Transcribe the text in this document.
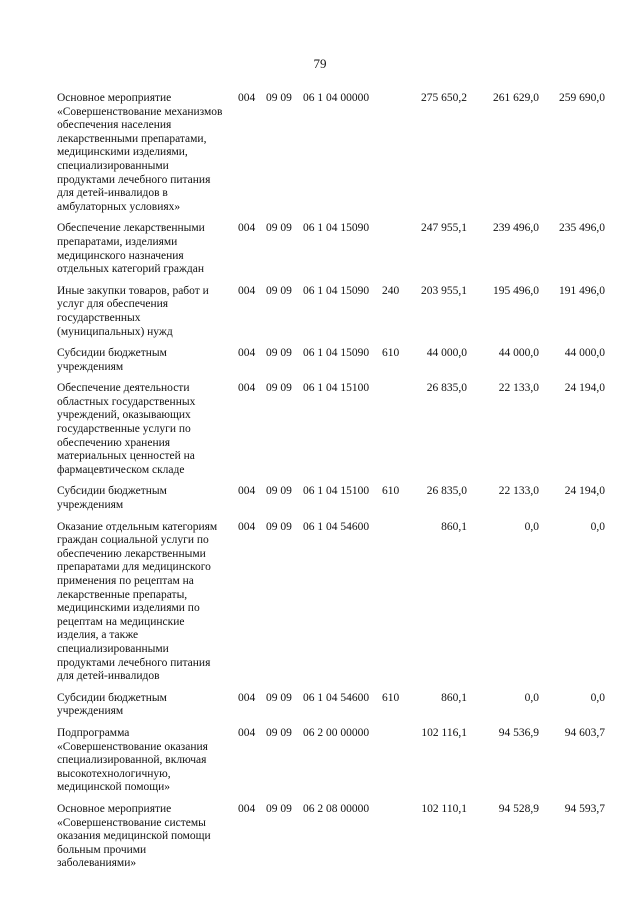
79
Основное мероприятие
«Совершенствование механизмов
обеспечения населения
лекарственными препаратами,
медицинскими изделиями,
специализированными
продуктами лечебного питания
для детей-инвалидов в
амбулаторных условиях»
004 09 09 06 1 04 00000	275 650,2	261 629,0	259 690,0
Обеспечение лекарственными
препаратами, изделиями
медицинского назначения
отдельных категорий граждан
004 09 09 06 1 04 15090	247 955,1	239 496,0	235 496,0
Иные закупки товаров, работ и
услуг для обеспечения
государственных
(муниципальных) нужд
004 09 09 06 1 04 15090 240	203 955,1	195 496,0	191 496,0
Субсидии бюджетным
учреждениям
004 09 09 06 1 04 15090 610	44 000,0	44 000,0	44 000,0
Обеспечение деятельности
областных государственных
учреждений, оказывающих
государственные услуги по
обеспечению хранения
материальных ценностей на
фармацевтическом складе
004 09 09 06 1 04 15100	26 835,0	22 133,0	24 194,0
Субсидии бюджетным
учреждениям
004 09 09 06 1 04 15100 610	26 835,0	22 133,0	24 194,0
Оказание отдельным категориям
граждан социальной услуги по
обеспечению лекарственными
препаратами для медицинского
применения по рецептам на
лекарственные препараты,
медицинскими изделиями по
рецептам на медицинские
изделия, а также
специализированными
продуктами лечебного питания
для детей-инвалидов
004 09 09 06 1 04 54600	860,1	0,0	0,0
Субсидии бюджетным
учреждениям
004 09 09 06 1 04 54600 610	860,1	0,0	0,0
Подпрограмма
«Совершенствование оказания
специализированной, включая
высокотехнологичную,
медицинской помощи»
004 09 09 06 2 00 00000	102 116,1	94 536,9	94 603,7
Основное мероприятие
«Совершенствование системы
оказания медицинской помощи
больным прочими
заболеваниями»
004 09 09 06 2 08 00000	102 110,1	94 528,9	94 593,7
